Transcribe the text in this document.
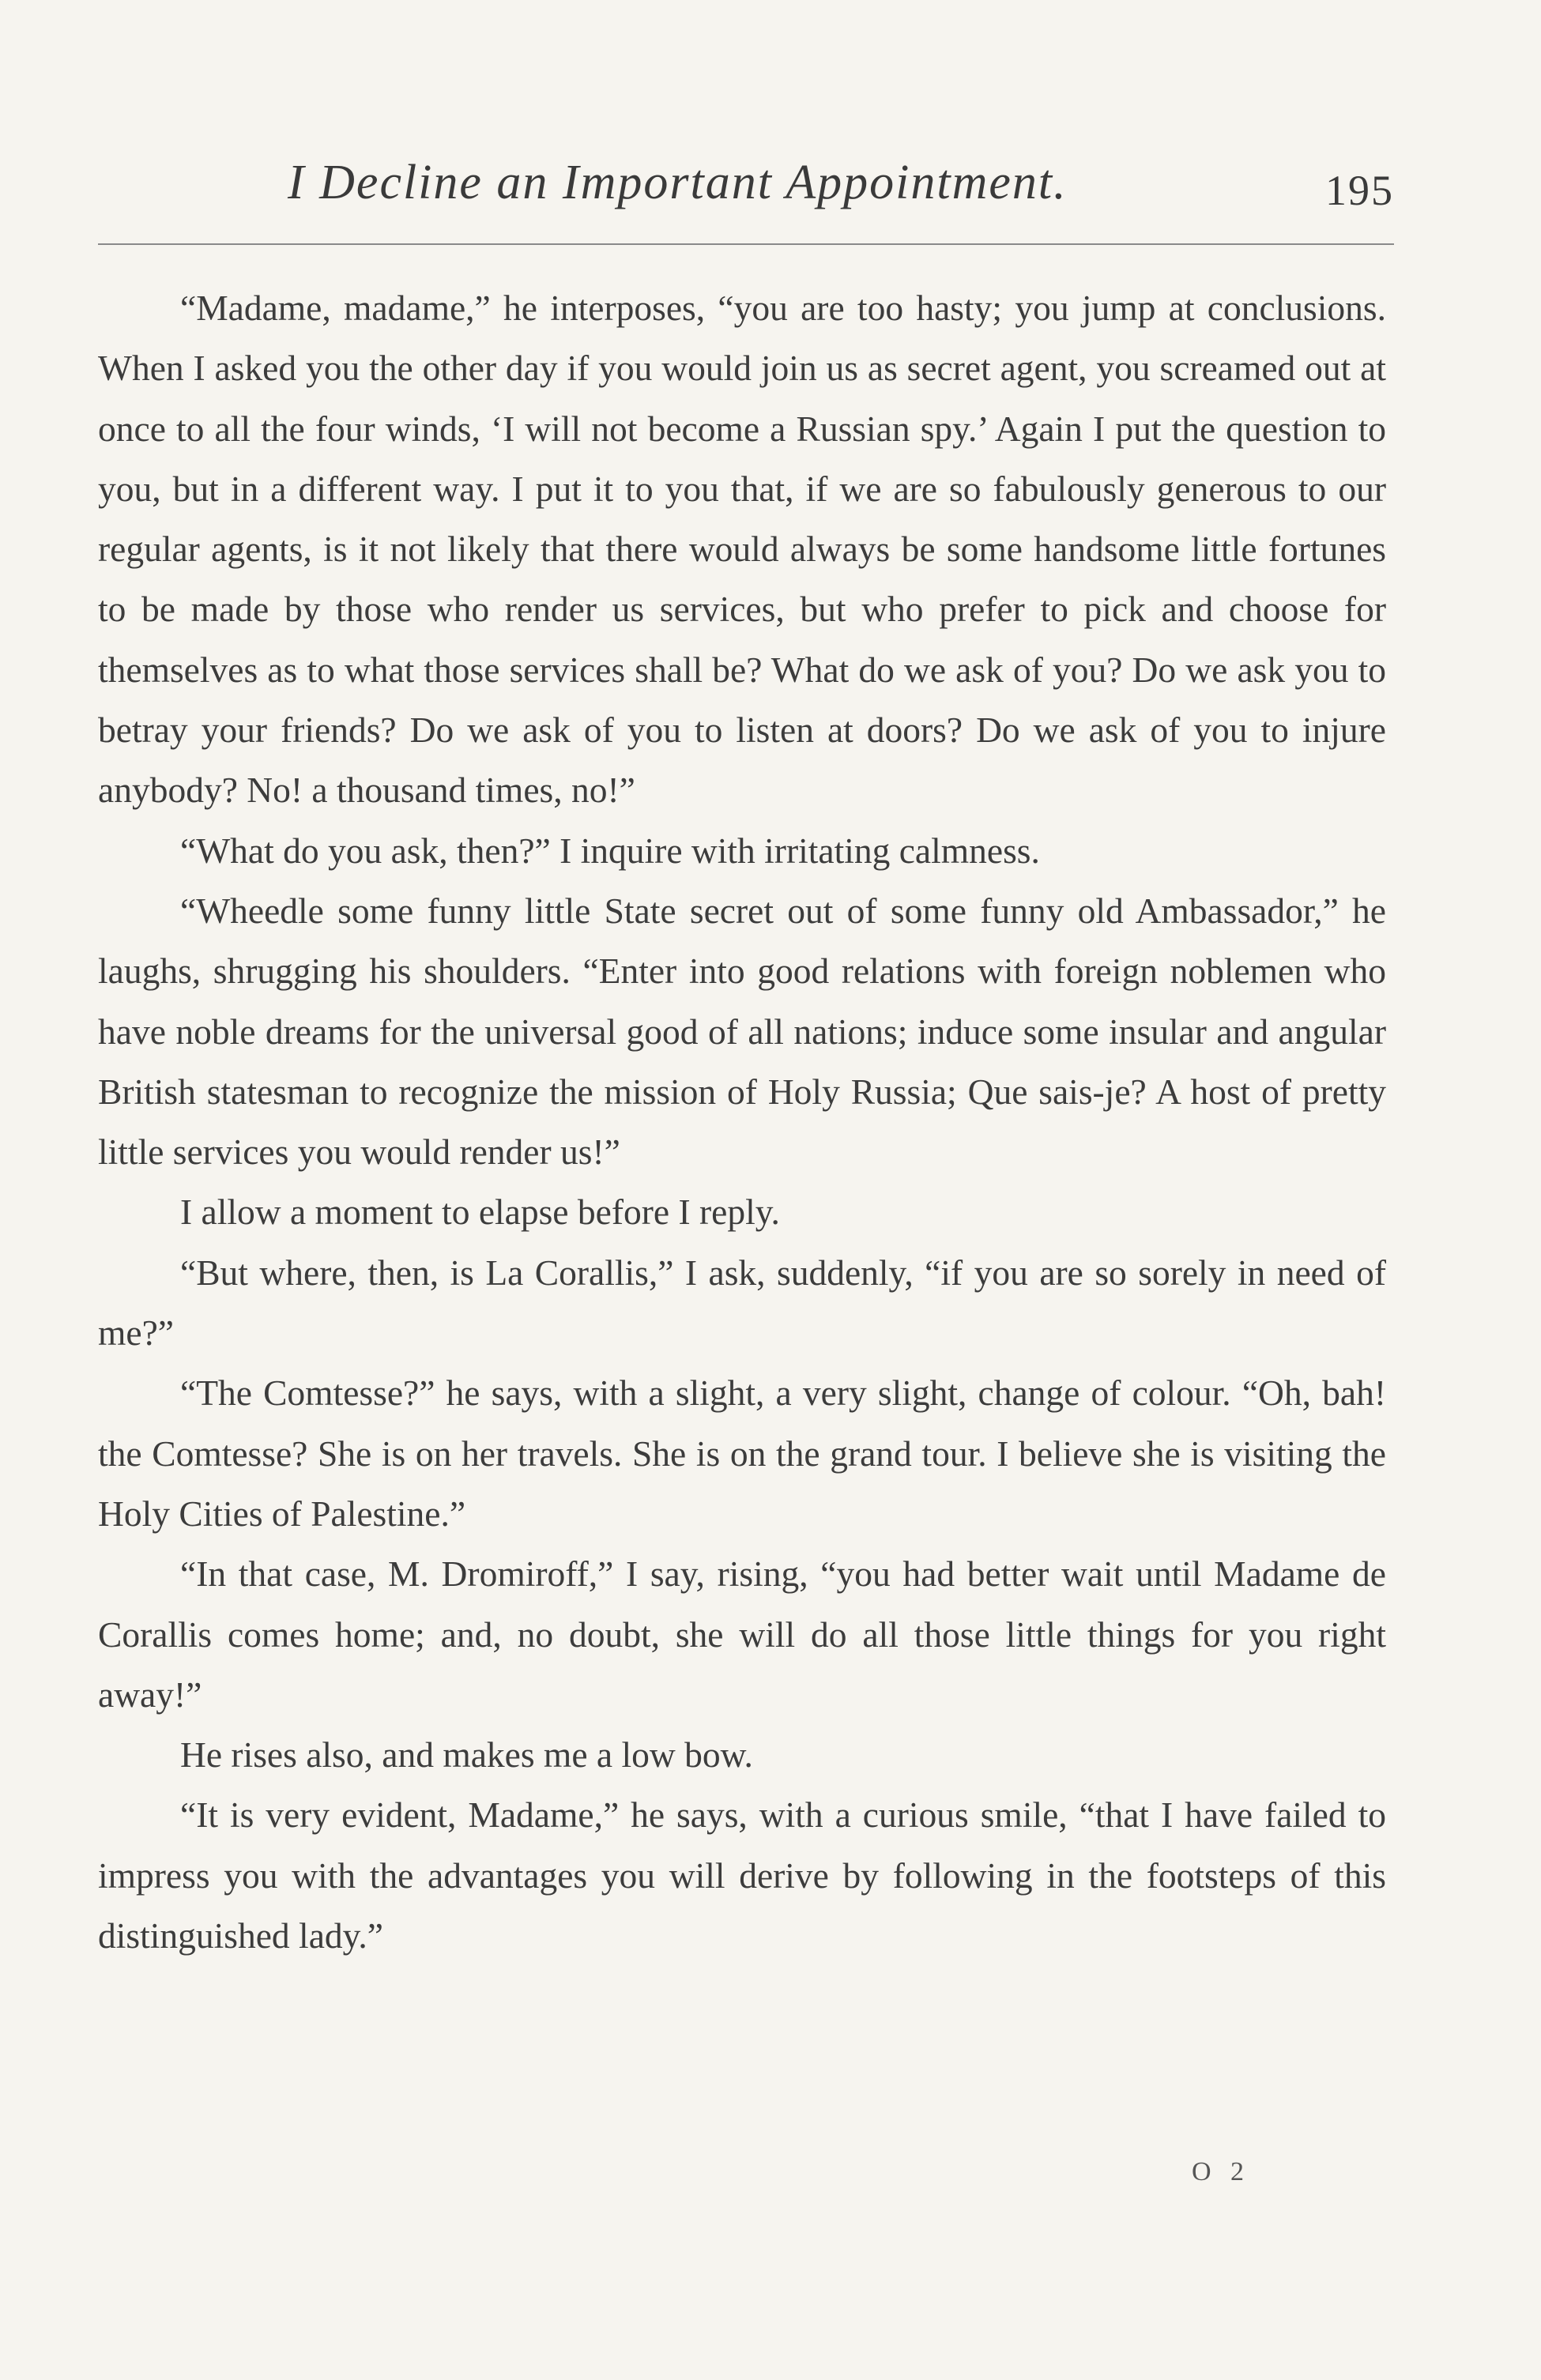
I Decline an Important Appointment.	195

“Madame, madame,” he interposes, “you are too hasty; you jump at conclusions. When I asked you the other day if you would join us as secret agent, you screamed out at once to all the four winds, ‘I will not become a Russian spy.’ Again I put the question to you, but in a different way. I put it to you that, if we are so fabulously generous to our regular agents, is it not likely that there would always be some handsome little fortunes to be made by those who render us services, but who prefer to pick and choose for themselves as to what those services shall be? What do we ask of you? Do we ask you to betray your friends? Do we ask of you to listen at doors? Do we ask of you to injure anybody? No! a thousand times, no!”

“What do you ask, then?” I inquire with irritating calmness.

“Wheedle some funny little State secret out of some funny old Ambassador,” he laughs, shrugging his shoulders. “Enter into good relations with foreign noblemen who have noble dreams for the universal good of all nations; induce some insular and angular British statesman to recognize the mission of Holy Russia; Que sais-je? A host of pretty little services you would render us!”

I allow a moment to elapse before I reply.

“But where, then, is La Corallis,” I ask, suddenly, “if you are so sorely in need of me?”

“The Comtesse?” he says, with a slight, a very slight, change of colour. “Oh, bah! the Comtesse? She is on her travels. She is on the grand tour. I believe she is visiting the Holy Cities of Palestine.”

“In that case, M. Dromiroff,” I say, rising, “you had better wait until Madame de Corallis comes home; and, no doubt, she will do all those little things for you right away!”

He rises also, and makes me a low bow.

“It is very evident, Madame,” he says, with a curious smile, “that I have failed to impress you with the advantages you will derive by following in the footsteps of this distinguished lady.”

O 2
